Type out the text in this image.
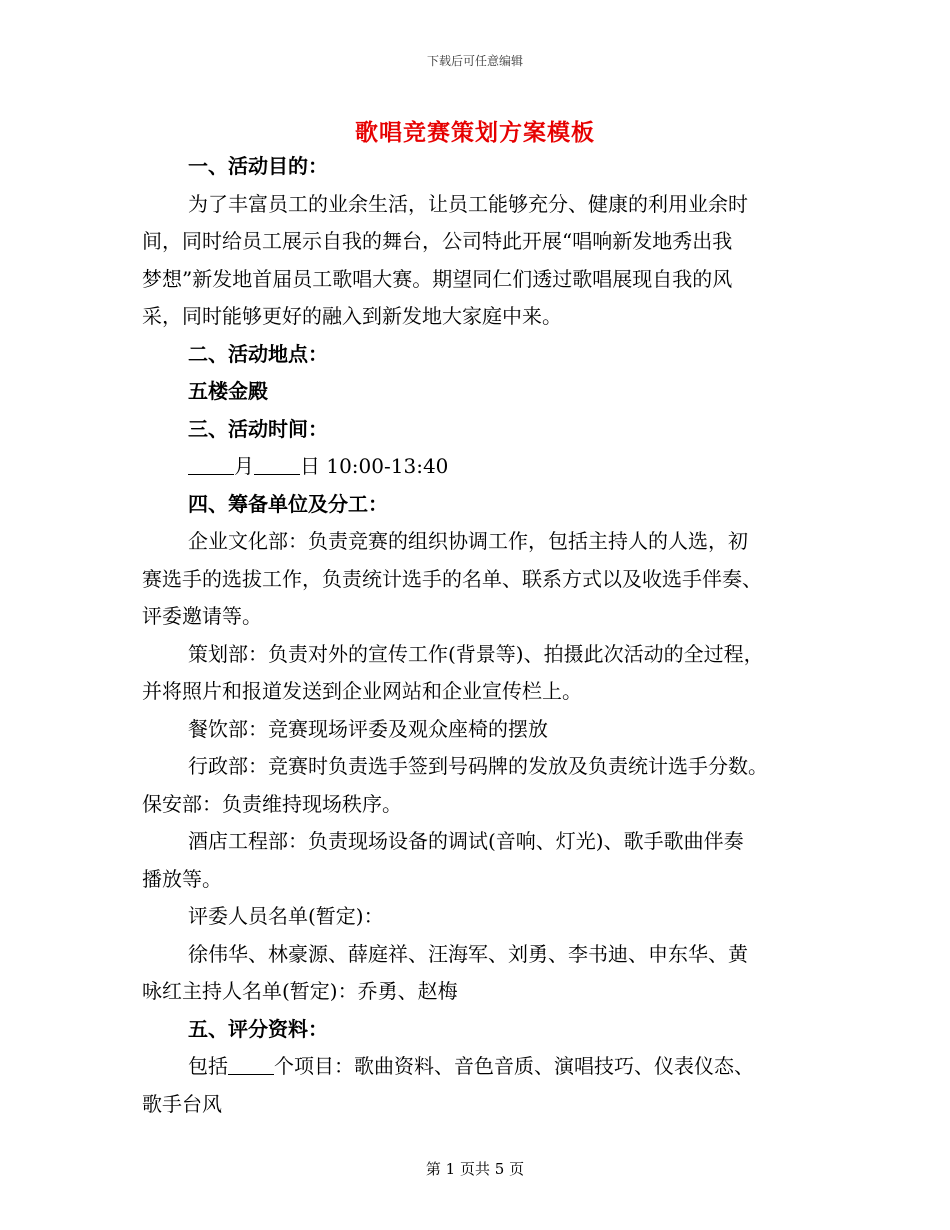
下载后可任意编辑
歌唱竞赛策划方案模板
一、活动目的：
为了丰富员工的业余生活，让员工能够充分、健康的利用业余时
间，同时给员工展示自我的舞台，公司特此开展“唱响新发地秀出我
梦想”新发地首届员工歌唱大赛。期望同仁们透过歌唱展现自我的风
采，同时能够更好的融入到新发地大家庭中来。
二、活动地点：
五楼金殿
三、活动时间：
月 日 10:00-13:40
四、筹备单位及分工：
企业文化部：负责竞赛的组织协调工作，包括主持人的人选，初
赛选手的选拔工作，负责统计选手的名单、联系方式以及收选手伴奏、
评委邀请等。
策划部：负责对外的宣传工作(背景等)、拍摄此次活动的全过程，
并将照片和报道发送到企业网站和企业宣传栏上。
餐饮部：竞赛现场评委及观众座椅的摆放
行政部：竞赛时负责选手签到号码牌的发放及负责统计选手分数。
保安部：负责维持现场秩序。
酒店工程部：负责现场设备的调试(音响、灯光)、歌手歌曲伴奏
播放等。
评委人员名单(暂定)：
徐伟华、林豪源、薛庭祥、汪海军、刘勇、李书迪、申东华、黄
咏红主持人名单(暂定)：乔勇、赵梅
五、评分资料：
包括 个项目：歌曲资料、音色音质、演唱技巧、仪表仪态、
歌手台风
第 1 页共 5 页
